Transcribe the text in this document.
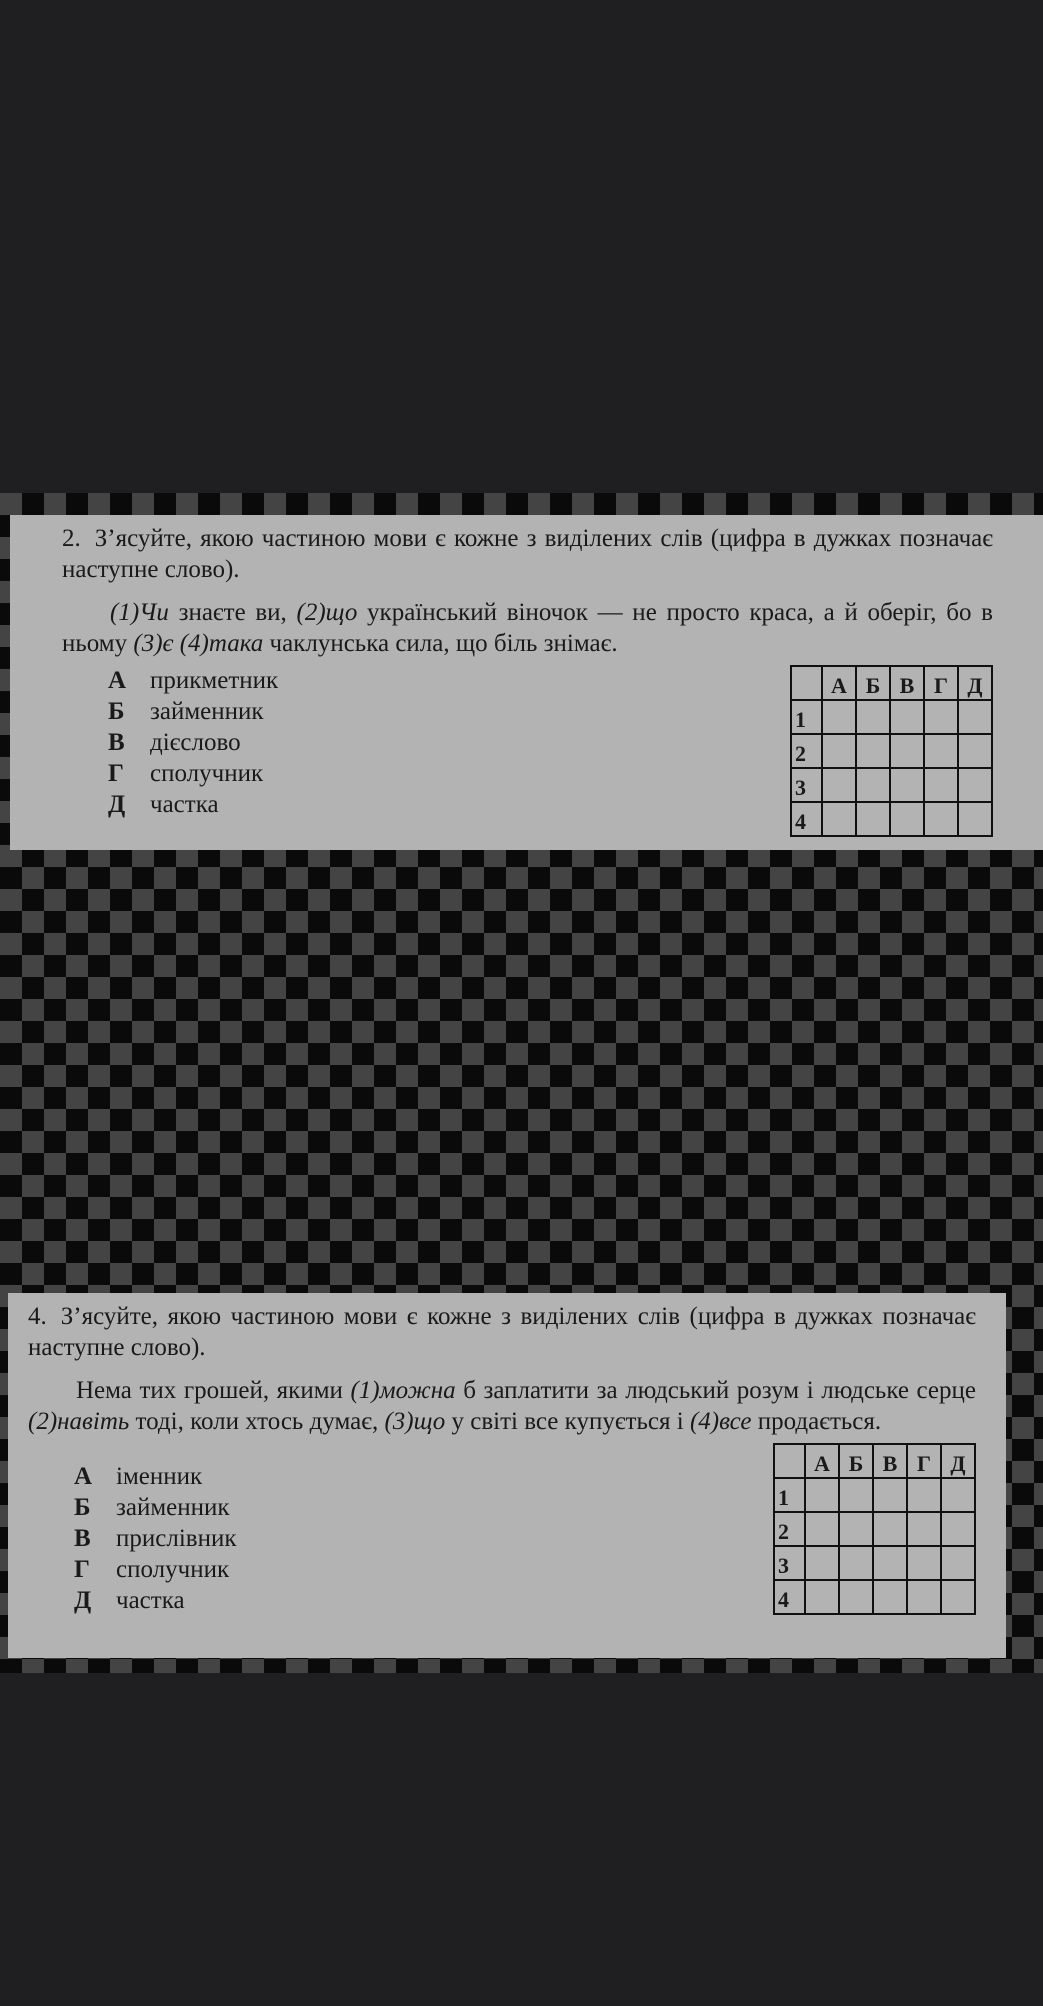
2. З’ясуйте, якою частиною мови є кожне з виділених слів (цифра в дужках позначає наступне слово).

(1)Чи знаєте ви, (2)що український віночок — не просто краса, а й оберіг, бо в ньому (3)є (4)така чаклунська сила, що біль знімає.

А прикметник
Б займенник
В дієслово
Г сполучник
Д частка
	А	Б	В	Г	Д
1					
2					
3					
4					

4. З’ясуйте, якою частиною мови є кожне з виділених слів (цифра в дужках позначає наступне слово).

Нема тих грошей, якими (1)можна б заплатити за людський розум і людське серце (2)навіть тоді, коли хтось думає, (3)що у світі все купується і (4)все продається.

А іменник
Б займенник
В прислівник
Г сполучник
Д частка
	А	Б	В	Г	Д
1					
2					
3					
4					
